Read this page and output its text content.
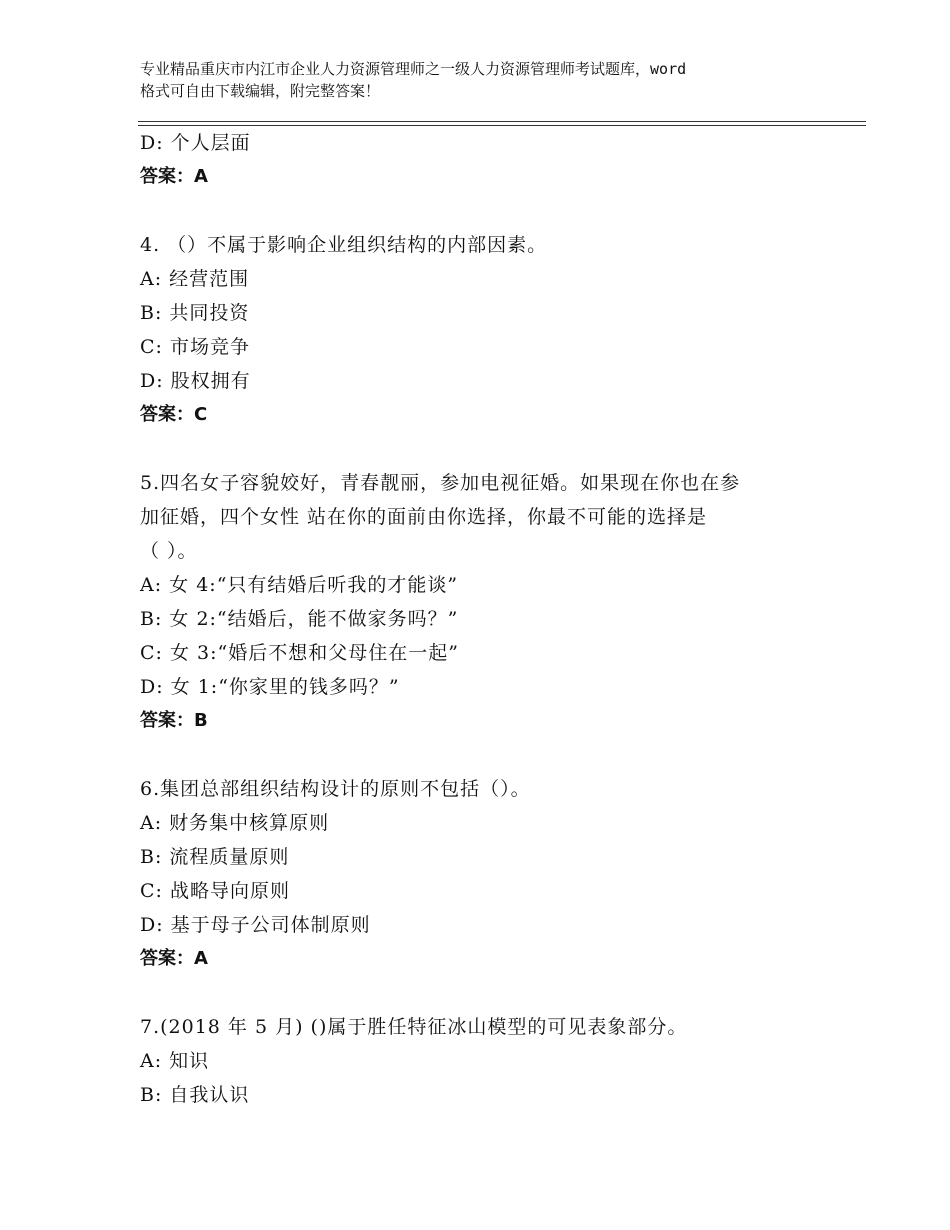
专业精品重庆市内江市企业人力资源管理师之一级人力资源管理师考试题库，word
格式可自由下载编辑，附完整答案！
D: 个人层面
答案：A
4. （）不属于影响企业组织结构的内部因素。
A: 经营范围
B: 共同投资
C: 市场竞争
D: 股权拥有
答案：C
5.四名女子容貌姣好，青春靓丽，参加电视征婚。如果现在你也在参
加征婚，四个女性 站在你的面前由你选择，你最不可能的选择是
（ ）。
A: 女 4:“只有结婚后听我的才能谈”
B: 女 2:“结婚后，能不做家务吗？”
C: 女 3:“婚后不想和父母住在一起”
D: 女 1:“你家里的钱多吗？”
答案：B
6.集团总部组织结构设计的原则不包括（）。
A: 财务集中核算原则
B: 流程质量原则
C: 战略导向原则
D: 基于母子公司体制原则
答案：A
7.(2018 年 5 月) ()属于胜任特征冰山模型的可见表象部分。
A: 知识
B: 自我认识
